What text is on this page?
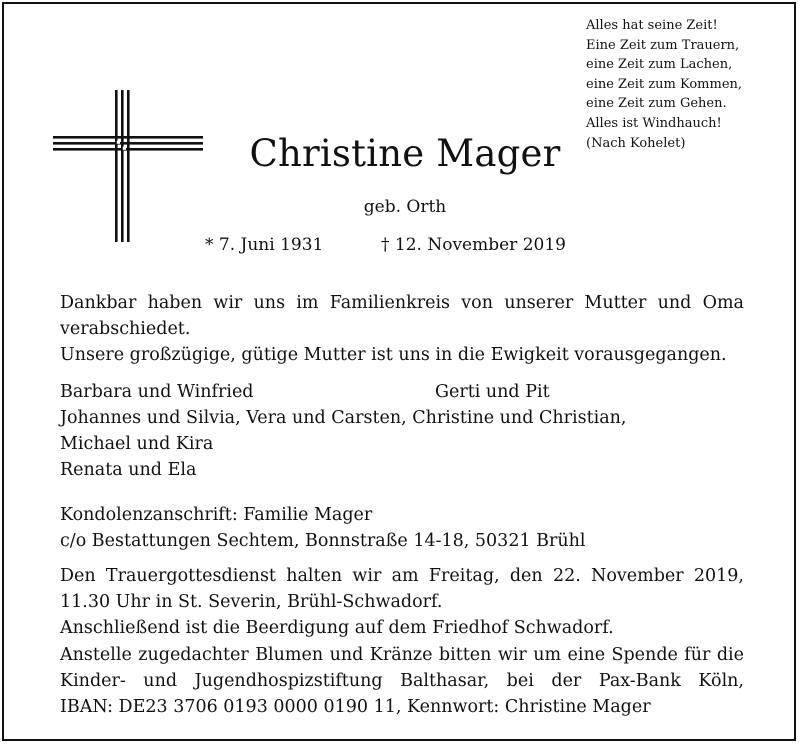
Alles hat seine Zeit!
Eine Zeit zum Trauern,
eine Zeit zum Lachen,
eine Zeit zum Kommen,
eine Zeit zum Gehen.
Alles ist Windhauch!
(Nach Kohelet)
Christine Mager
geb. Orth
* 7. Juni 1931	† 12. November 2019
Dankbar haben wir uns im Familienkreis von unserer Mutter und Oma
verabschiedet.
Unsere großzügige, gütige Mutter ist uns in die Ewigkeit vorausgegangen.
Barbara und Winfried	Gerti und Pit
Johannes und Silvia, Vera und Carsten, Christine und Christian,
Michael und Kira
Renata und Ela
Kondolenzanschrift: Familie Mager
c/o Bestattungen Sechtem, Bonnstraße 14-18, 50321 Brühl
Den Trauergottesdienst halten wir am Freitag, den 22. November 2019,
11.30 Uhr in St. Severin, Brühl-Schwadorf.
Anschließend ist die Beerdigung auf dem Friedhof Schwadorf.
Anstelle zugedachter Blumen und Kränze bitten wir um eine Spende für die
Kinder- und Jugendhospizstiftung Balthasar, bei der Pax-Bank Köln,
IBAN: DE23 3706 0193 0000 0190 11, Kennwort: Christine Mager
